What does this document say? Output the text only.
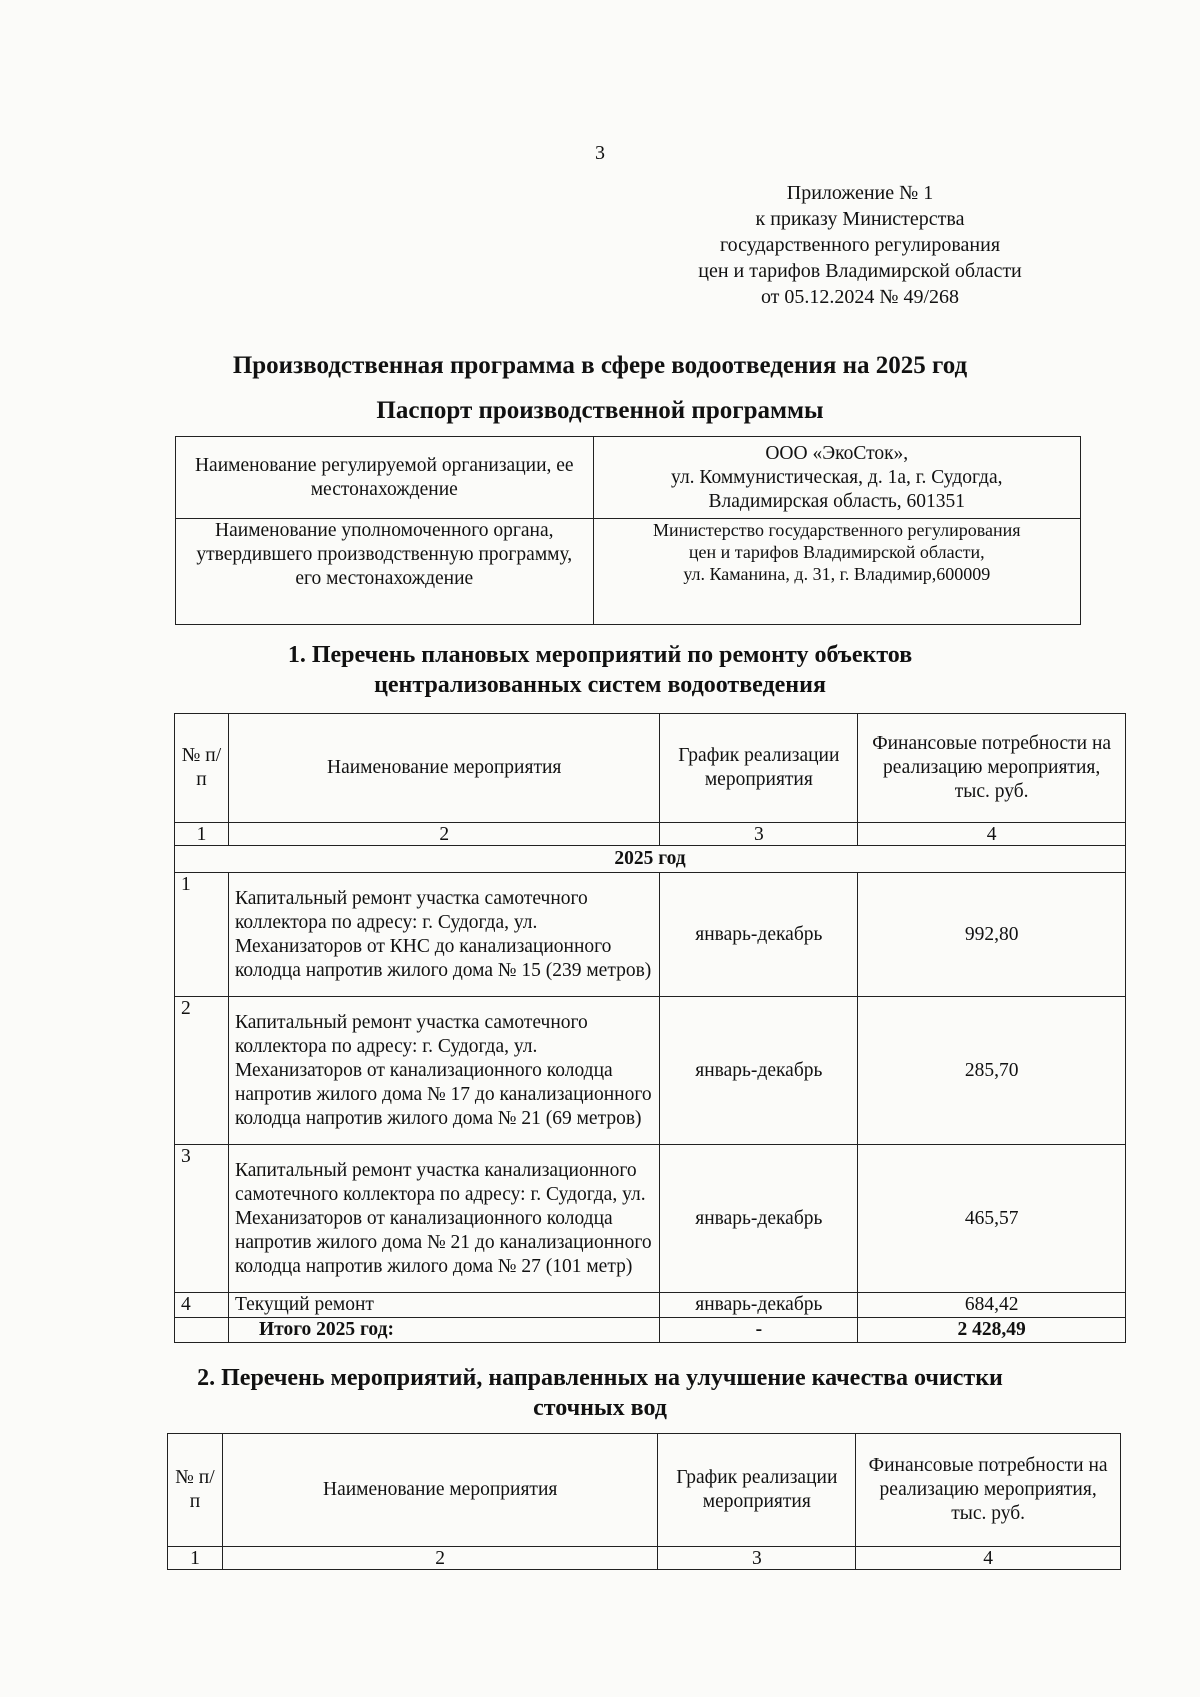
3
Приложение № 1
к приказу Министерства
государственного регулирования
цен и тарифов Владимирской области
от 05.12.2024 № 49/268
Производственная программа в сфере водоотведения на 2025 год
Паспорт производственной программы
Наименование регулируемой организации, ее местонахождение	ООО «ЭкоСток»,
ул. Коммунистическая, д. 1а, г. Судогда,
Владимирская область, 601351

Наименование уполномоченного органа, утвердившего производственную программу, его местонахождение	Министерство государственного регулирования
цен и тарифов Владимирской области,
ул. Каманина, д. 31, г. Владимир,600009
1. Перечень плановых мероприятий по ремонту объектов
централизованных систем водоотведения
№ п/п	Наименование мероприятия	График реализации мероприятия	Финансовые потребности на реализацию мероприятия, тыс. руб.
1	2	3	4
2025 год			
1	Капитальный ремонт участка самотечного коллектора по адресу: г. Судогда, ул. Механизаторов от КНС до канализационного колодца напротив жилого дома № 15 (239 метров)	январь-декабрь	992,80
2	Капитальный ремонт участка самотечного коллектора по адресу: г. Судогда, ул. Механизаторов от канализационного колодца напротив жилого дома № 17 до канализационного колодца напротив жилого дома № 21 (69 метров)	январь-декабрь	285,70
3	Капитальный ремонт участка канализационного самотечного коллектора по адресу: г. Судогда, ул. Механизаторов от канализационного колодца напротив жилого дома № 21 до канализационного колодца напротив жилого дома № 27 (101 метр)	январь-декабрь	465,57
4	Текущий ремонт	январь-декабрь	684,42
	Итого 2025 год:	-	2 428,49
2. Перечень мероприятий, направленных на улучшение качества очистки
сточных вод
№ п/п	Наименование мероприятия	График реализации мероприятия	Финансовые потребности на реализацию мероприятия, тыс. руб.
1	2	3	4
